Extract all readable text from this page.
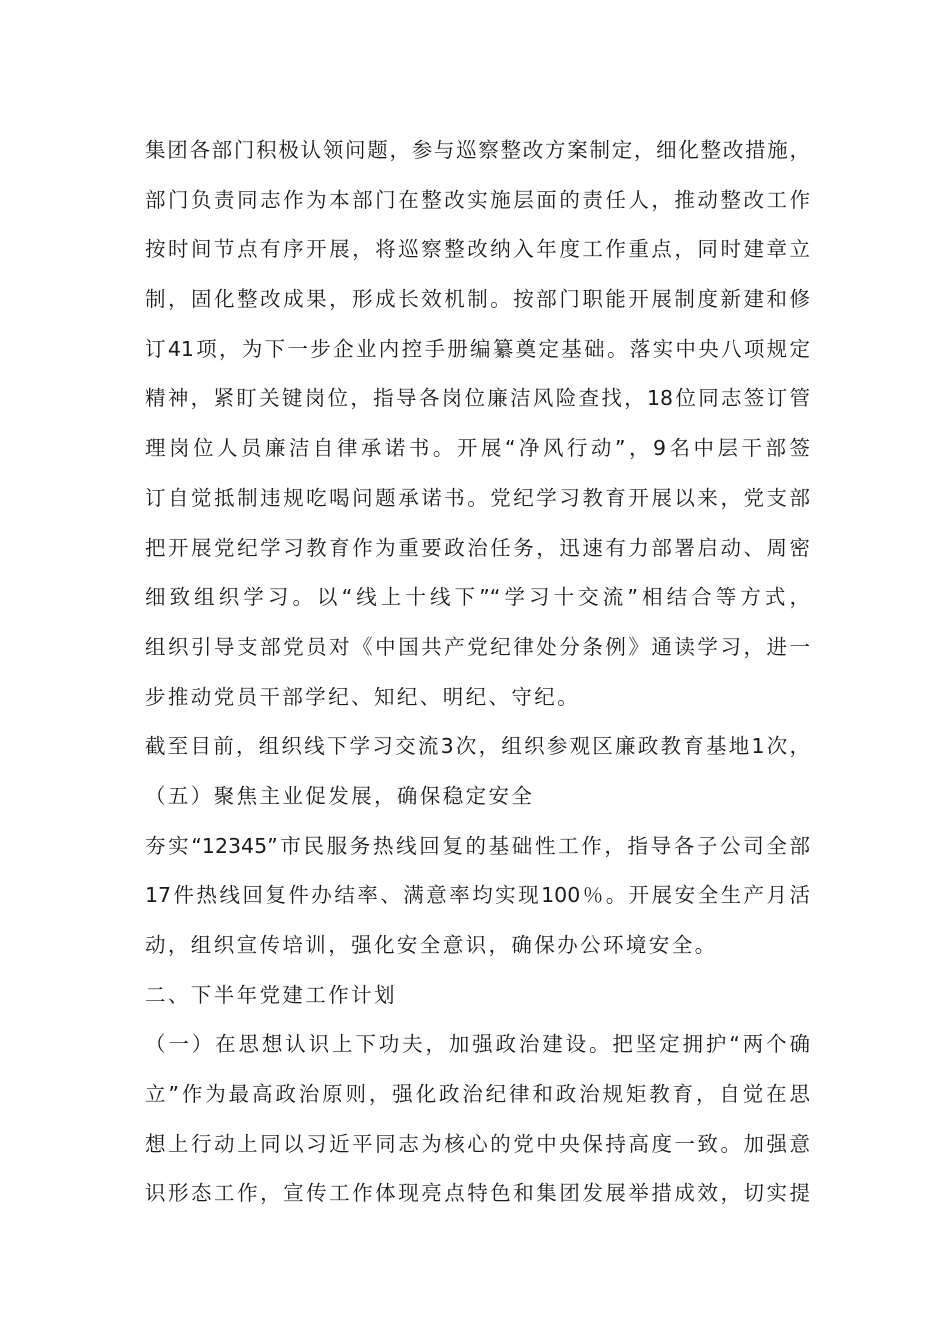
集团各部门积极认领问题，参与巡察整改方案制定，细化整改措施，
部门负责同志作为本部门在整改实施层面的责任人，推动整改工作
按时间节点有序开展，将巡察整改纳入年度工作重点，同时建章立
制，固化整改成果，形成长效机制。按部门职能开展制度新建和修
订41项，为下一步企业内控手册编纂奠定基础。落实中央八项规定
精神，紧盯关键岗位，指导各岗位廉洁风险查找，18位同志签订管
理岗位人员廉洁自律承诺书。开展“净风行动”，9名中层干部签
订自觉抵制违规吃喝问题承诺书。党纪学习教育开展以来，党支部
把开展党纪学习教育作为重要政治任务，迅速有力部署启动、周密
细致组织学习。以“线上十线下”“学习十交流”相结合等方式，
组织引导支部党员对《中国共产党纪律处分条例》通读学习，进一
步推动党员干部学纪、知纪、明纪、守纪。
截至目前，组织线下学习交流3次，组织参观区廉政教育基地1次，
（五）聚焦主业促发展，确保稳定安全
夯实“12345”市民服务热线回复的基础性工作，指导各子公司全部
17件热线回复件办结率、满意率均实现100％。开展安全生产月活
动，组织宣传培训，强化安全意识，确保办公环境安全。
二、下半年党建工作计划
（一）在思想认识上下功夫，加强政治建设。把坚定拥护“两个确
立”作为最高政治原则，强化政治纪律和政治规矩教育，自觉在思
想上行动上同以习近平同志为核心的党中央保持高度一致。加强意
识形态工作，宣传工作体现亮点特色和集团发展举措成效，切实提
